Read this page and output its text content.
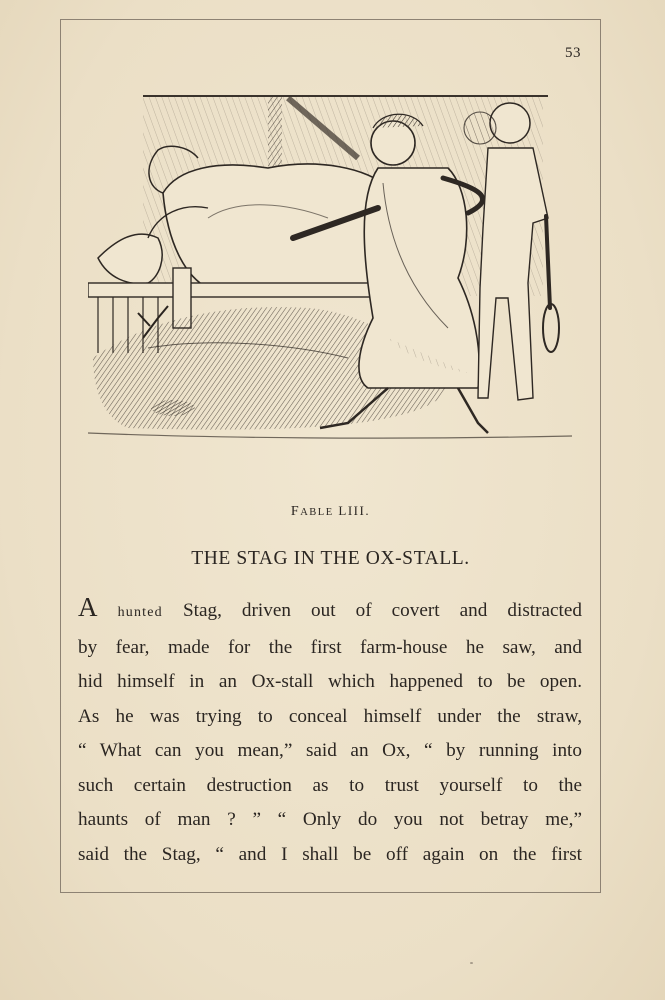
53
FABLE LIII.
THE STAG IN THE OX-STALL.
A hunted Stag, driven out of covert and distracted
by fear, made for the first farm-house he saw, and
hid himself in an Ox-stall which happened to be open.
As he was trying to conceal himself under the straw,
“ What can you mean,” said an Ox, “ by running into
such certain destruction as to trust yourself to the
haunts of man ? ” “ Only do you not betray me,”
said the Stag, “ and I shall be off again on the first
